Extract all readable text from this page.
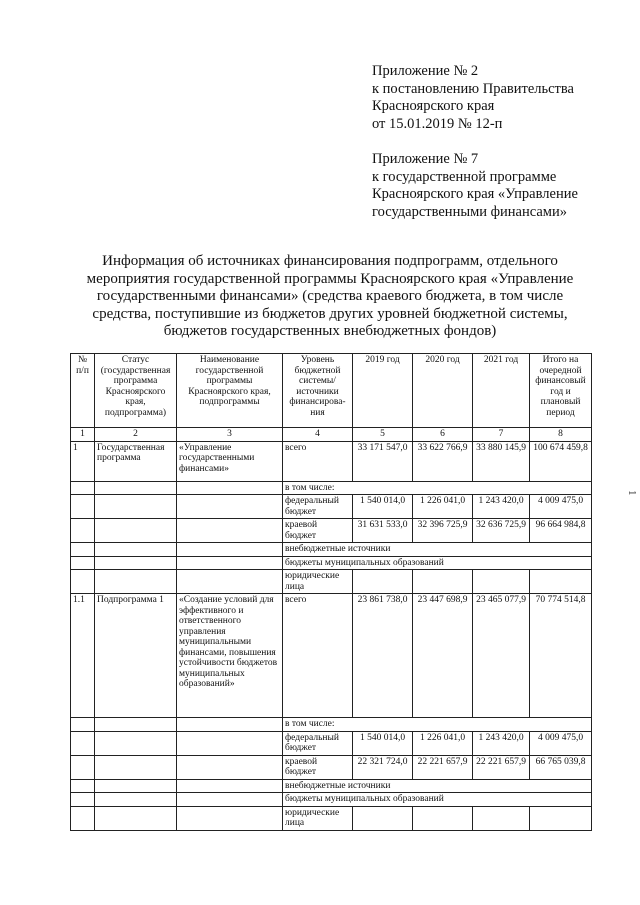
Приложение № 2
к постановлению Правительства
Красноярского края
от 15.01.2019 № 12-п
Приложение № 7
к государственной программе
Красноярского края «Управление
государственными финансами»
Информация об источниках финансирования подпрограмм, отдельного
мероприятия государственной программы Красноярского края «Управление
государственными финансами» (средства краевого бюджета, в том числе
средства, поступившие из бюджетов других уровней бюджетной системы,
бюджетов государственных внебюджетных фондов)
1
№ п/п	Статус (государственная программа Красноярского края, подпрограмма)	Наименование государственной программы Красноярского края, подпрограммы	Уровень бюджетной системы/ источники финансирова- ния	2019 год	2020 год	2021 год	Итого на очередной финансовый год и плановый период
1	2	3	4	5	6	7	8
1	Государственная программа	«Управление государственными финансами»	всего	33 171 547,0	33 622 766,9	33 880 145,9	100 674 459,8
			в том числе:				
			федеральный бюджет	1 540 014,0	1 226 041,0	1 243 420,0	4 009 475,0
			краевой бюджет	31 631 533,0	32 396 725,9	32 636 725,9	96 664 984,8
			внебюджетные источники				
			бюджеты муниципальных образований				
			юридические лица				
1.1	Подпрограмма 1	«Создание условий для эффективного и ответственного управления муниципальными финансами, повышения устойчивости бюджетов муниципальных образований»	всего	23 861 738,0	23 447 698,9	23 465 077,9	70 774 514,8
			в том числе:				
			федеральный бюджет	1 540 014,0	1 226 041,0	1 243 420,0	4 009 475,0
			краевой бюджет	22 321 724,0	22 221 657,9	22 221 657,9	66 765 039,8
			внебюджетные источники				
			бюджеты муниципальных образований				
			юридические лица				
